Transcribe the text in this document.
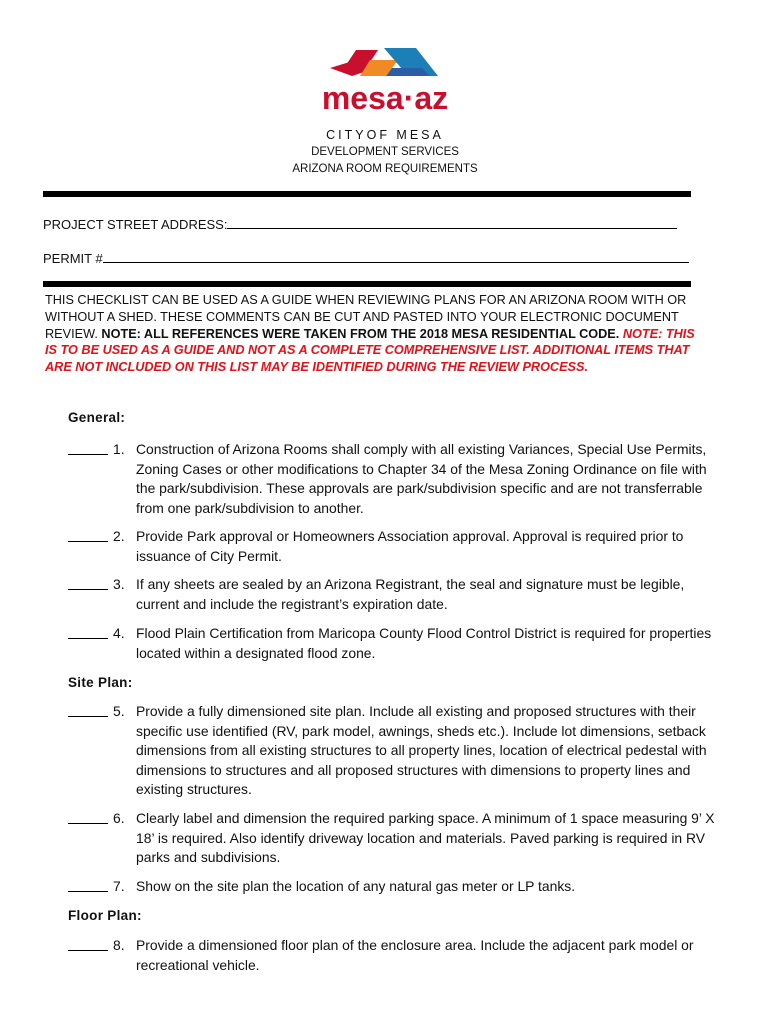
mesa·az
CITYOF MESA
DEVELOPMENT SERVICES
ARIZONA ROOM REQUIREMENTS
PROJECT STREET ADDRESS:
PERMIT #
THIS CHECKLIST CAN BE USED AS A GUIDE WHEN REVIEWING PLANS FOR AN ARIZONA ROOM WITH OR WITHOUT A SHED. THESE COMMENTS CAN BE CUT AND PASTED INTO YOUR ELECTRONIC DOCUMENT REVIEW. NOTE: ALL REFERENCES WERE TAKEN FROM THE 2018 MESA RESIDENTIAL CODE. NOTE: THIS IS TO BE USED AS A GUIDE AND NOT AS A COMPLETE COMPREHENSIVE LIST. ADDITIONAL ITEMS THAT ARE NOT INCLUDED ON THIS LIST MAY BE IDENTIFIED DURING THE REVIEW PROCESS.
General:
1. Construction of Arizona Rooms shall comply with all existing Variances, Special Use Permits, Zoning Cases or other modifications to Chapter 34 of the Mesa Zoning Ordinance on file with the park/subdivision. These approvals are park/subdivision specific and are not transferrable from one park/subdivision to another.
2. Provide Park approval or Homeowners Association approval. Approval is required prior to issuance of City Permit.
3. If any sheets are sealed by an Arizona Registrant, the seal and signature must be legible, current and include the registrant’s expiration date.
4. Flood Plain Certification from Maricopa County Flood Control District is required for properties located within a designated flood zone.
Site Plan:
5. Provide a fully dimensioned site plan. Include all existing and proposed structures with their specific use identified (RV, park model, awnings, sheds etc.). Include lot dimensions, setback dimensions from all existing structures to all property lines, location of electrical pedestal with dimensions to structures and all proposed structures with dimensions to property lines and existing structures.
6. Clearly label and dimension the required parking space. A minimum of 1 space measuring 9’ X 18’ is required. Also identify driveway location and materials. Paved parking is required in RV parks and subdivisions.
7. Show on the site plan the location of any natural gas meter or LP tanks.
Floor Plan:
8. Provide a dimensioned floor plan of the enclosure area. Include the adjacent park model or recreational vehicle.
